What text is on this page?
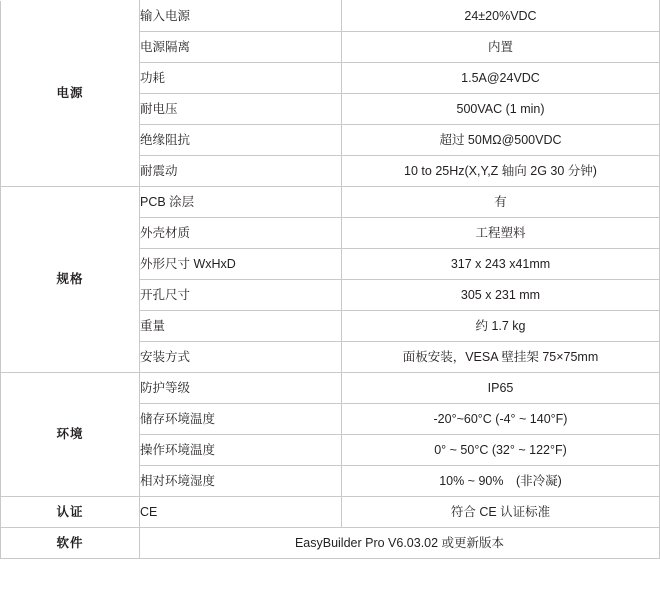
电源	输入电源	24±20%VDC
	电源隔离	内置
	功耗	1.5A@24VDC
	耐电压	500VAC (1 min)
	绝缘阻抗	超过 50MΩ@500VDC
	耐震动	10 to 25Hz(X,Y,Z 轴向 2G 30 分钟)
规格	PCB 涂层	有
	外壳材质	工程塑料
	外形尺寸 WxHxD	317 x 243 x41mm
	开孔尺寸	305 x 231 mm
	重量	约 1.7 kg
	安装方式	面板安装，VESA 壁挂架 75×75mm
环境	防护等级	IP65
	储存环境温度	-20°~60°C (-4° ~ 140°F)
	操作环境温度	0° ~ 50°C (32° ~ 122°F)
	相对环境湿度	10% ~ 90%　(非冷凝)
认证	CE	符合 CE 认证标准
软件	EasyBuilder Pro V6.03.02 或更新版本	
